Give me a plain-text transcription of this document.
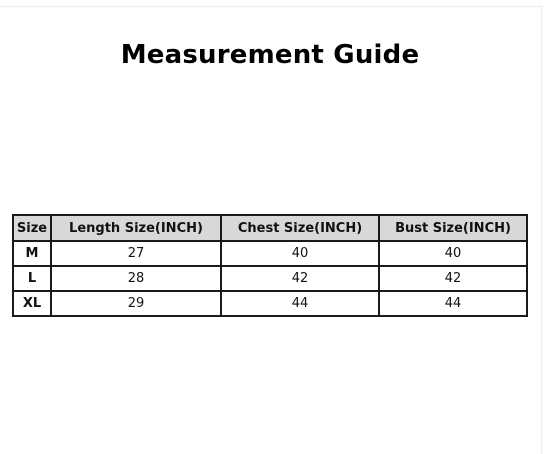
Measurement Guide
Size	Length Size(INCH)	Chest Size(INCH)	Bust Size(INCH)
M	27	40	40
L	28	42	42
XL	29	44	44
